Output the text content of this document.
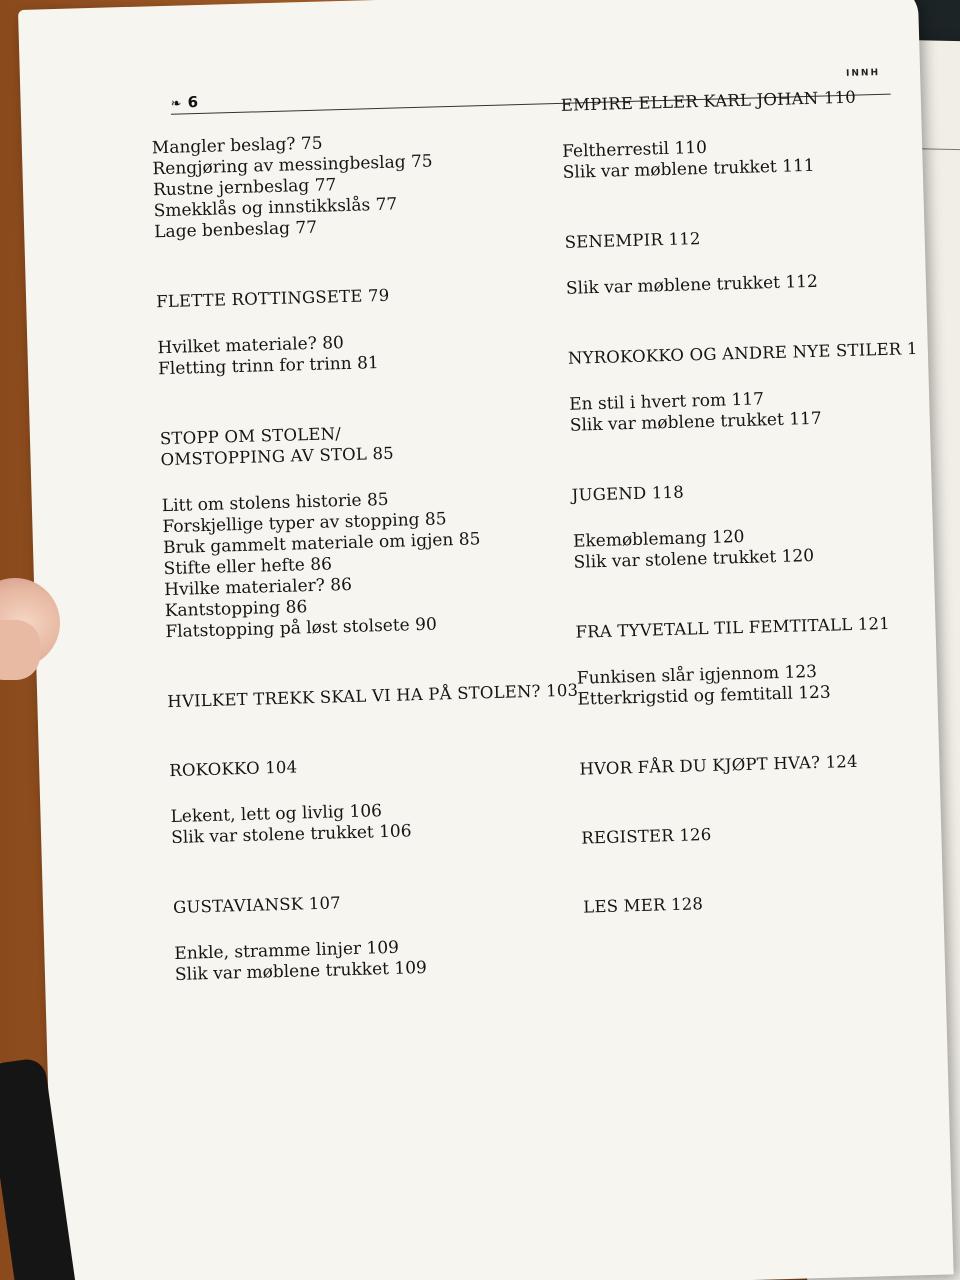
❧ 6
INNH

Mangler beslag? 75

Rengjøring av messingbeslag 75

Rustne jernbeslag 77

Smekklås og innstikkslås 77

Lage benbeslag 77

FLETTE ROTTINGSETE 79

Hvilket materiale? 80

Fletting trinn for trinn 81

STOPP OM STOLEN/

OMSTOPPING AV STOL 85

Litt om stolens historie 85

Forskjellige typer av stopping 85

Bruk gammelt materiale om igjen 85

Stifte eller hefte 86

Hvilke materialer? 86

Kantstopping 86

Flatstopping på løst stolsete 90

HVILKET TREKK SKAL VI HA PÅ STOLEN? 103

ROKOKKO 104

Lekent, lett og livlig 106

Slik var stolene trukket 106

GUSTAVIANSK 107

Enkle, stramme linjer 109

Slik var møblene trukket 109

EMPIRE ELLER KARL JOHAN 110

Feltherrestil 110

Slik var møblene trukket 111

SENEMPIR 112

Slik var møblene trukket 112

NYROKOKKO OG ANDRE NYE STILER 1

En stil i hvert rom 117

Slik var møblene trukket 117

JUGEND 118

Ekemøblemang 120

Slik var stolene trukket 120

FRA TYVETALL TIL FEMTITALL 121

Funkisen slår igjennom 123

Etterkrigstid og femtitall 123

HVOR FÅR DU KJØPT HVA? 124

REGISTER 126

LES MER 128
